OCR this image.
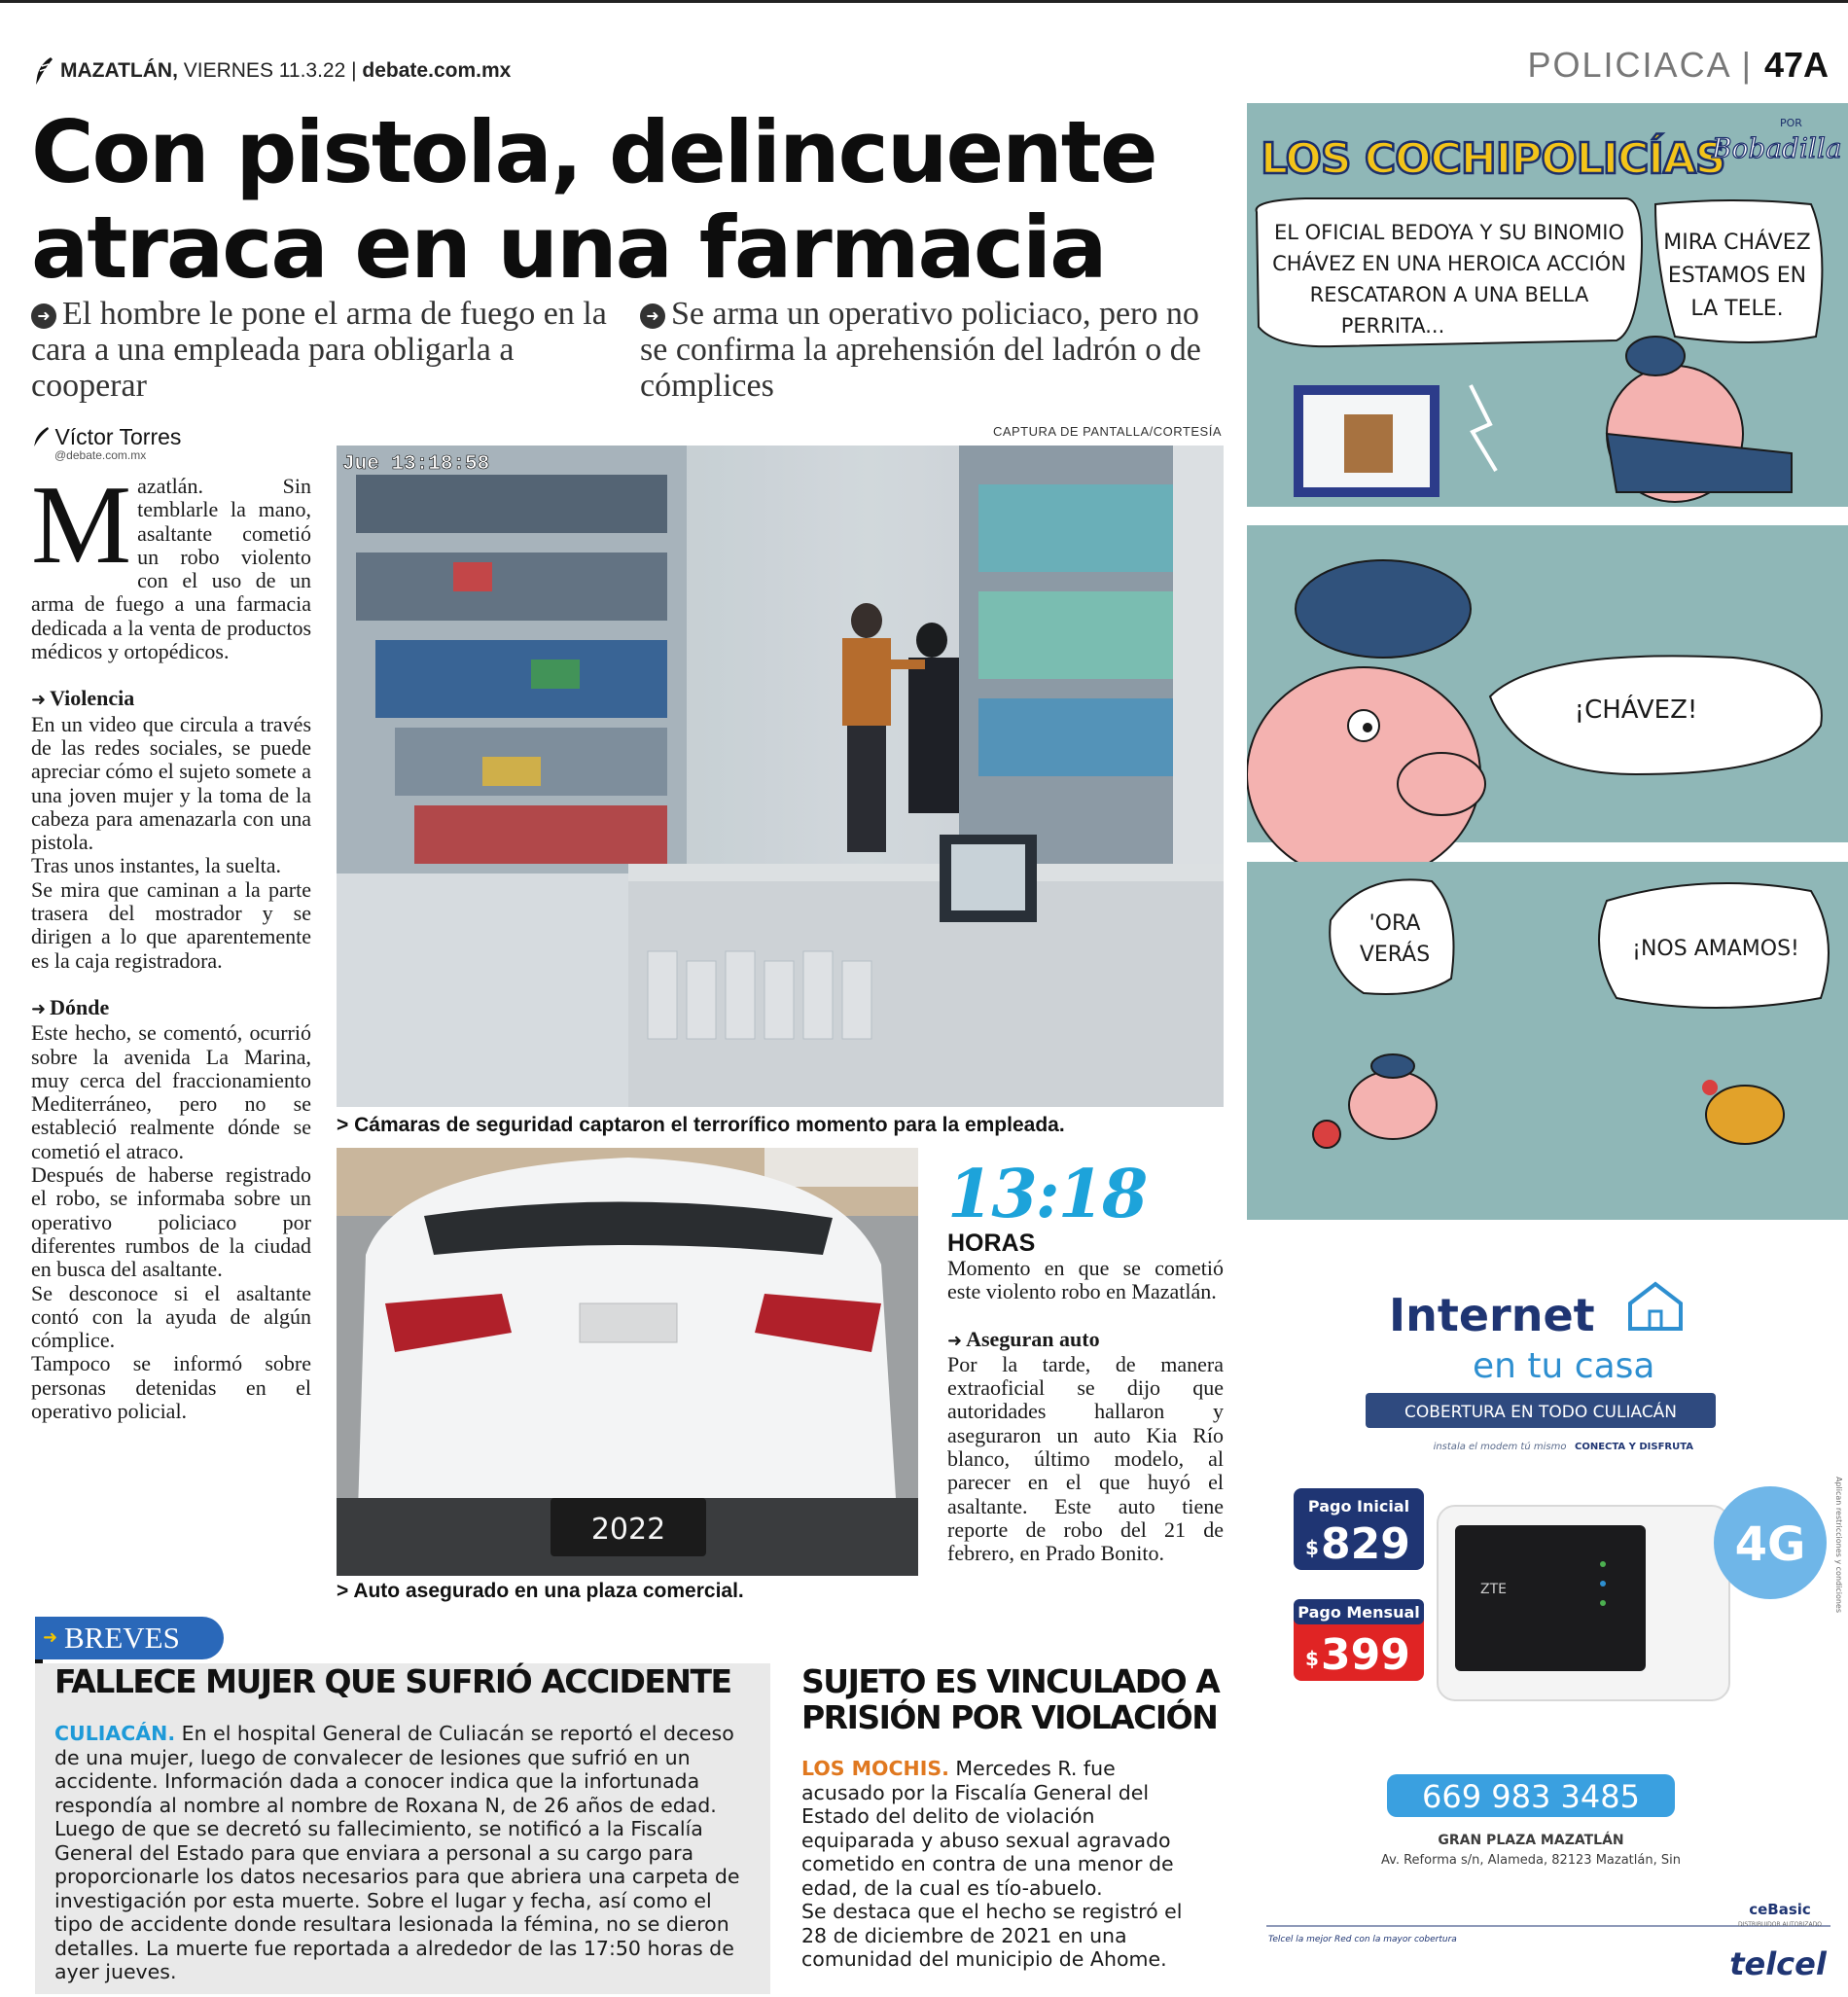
MAZATLÁN, VIERNES 11.3.22 | debate.com.mx	POLICIACA | 47A
Con pistola, delincuente atraca en una farmacia
➜ El hombre le pone el arma de fuego en la cara a una empleada para obligarla a cooperar
➜ Se arma un operativo policiaco, pero no se confirma la aprehensión del ladrón o de cómplices
Víctor Torres
@debate.com.mx
CAPTURA DE PANTALLA/CORTESÍA

Mazatlán. Sin temblarle la mano, asaltante cometió un robo violento con el uso de un arma de fuego a una farmacia dedicada a la venta de productos médicos y ortopédicos.

➜ Violencia

En un video que circula a través de las redes sociales, se puede apreciar cómo el sujeto somete a una joven mujer y la toma de la cabeza para amenazarla con una pistola.

Tras unos instantes, la suelta.

Se mira que caminan a la parte trasera del mostrador y se dirigen a lo que aparentemente es la caja registradora.

➜ Dónde

Este hecho, se comentó, ocurrió sobre la avenida La Marina, muy cerca del fraccionamiento Mediterráneo, pero no se estableció realmente dónde se cometió el atraco.

Después de haberse registrado el robo, se informaba sobre un operativo policiaco por diferentes rumbos de la ciudad en busca del asaltante.

Se desconoce si el asaltante contó con la ayuda de algún cómplice.

Tampoco se informó sobre personas detenidas en el operativo policial.

Jue 13:18:58
> Cámaras de seguridad captaron el terrorífico momento para la empleada.
2022
> Auto asegurado en una plaza comercial.
13:18
HORAS

Momento en que se cometió este violento robo en Mazatlán.

➜ Aseguran auto

Por la tarde, de manera extraoficial se dijo que autoridades hallaron y aseguraron un auto Kia Río blanco, último modelo, al parecer en el que huyó el asaltante. Este auto tiene reporte de robo del 21 de febrero, en Prado Bonito.

LOS COCHIPOLICÍAS
POR
Bobadilla
EL OFICIAL BEDOYA Y SU BINOMIO
CHÁVEZ EN UNA HEROICA ACCIÓN
RESCATARON A UNA BELLA
PERRITA...
MIRA CHÁVEZ
ESTAMOS EN
LA TELE.
¡CHÁVEZ!
'ORA
VERÁS	¡NOS AMAMOS!
Internet
en tu casa
COBERTURA EN TODO CULIACÁN
instala el modem tú mismo CONECTA Y DISFRUTA
ZTE
Pago Inicial
$ 829
Pago Mensual
$ 399
4G	Aplican restricciones y condiciones
669 983 3485
GRAN PLAZA MAZATLÁN
Av. Reforma s/n, Alameda, 82123 Mazatlán, Sin
Telcel la mejor Red con la mayor cobertura
ceBasic
DISTRIBUIDOR AUTORIZADO
telcel
➜ BREVES
FALLECE MUJER QUE SUFRIÓ ACCIDENTE
CULIACÁN. En el hospital General de Culiacán se reportó el deceso de una mujer, luego de convalecer de lesiones que sufrió en un accidente. Información dada a conocer indica que la infortunada respondía al nombre al nombre de Roxana N, de 26 años de edad. Luego de que se decretó su fallecimiento, se notificó a la Fiscalía General del Estado para que enviara a personal a su cargo para proporcionarle los datos necesarios para que abriera una carpeta de investigación por esta muerte. Sobre el lugar y fecha, así como el tipo de accidente donde resultara lesionada la fémina, no se dieron detalles. La muerte fue reportada a alrededor de las 17:50 horas de ayer jueves.
SUJETO ES VINCULADO A PRISIÓN POR VIOLACIÓN

LOS MOCHIS. Mercedes R. fue acusado por la Fiscalía General del Estado del delito de violación equiparada y abuso sexual agravado cometido en contra de una menor de edad, de la cual es tío-abuelo.

Se destaca que el hecho se registró el 28 de diciembre de 2021 en una comunidad del municipio de Ahome.
